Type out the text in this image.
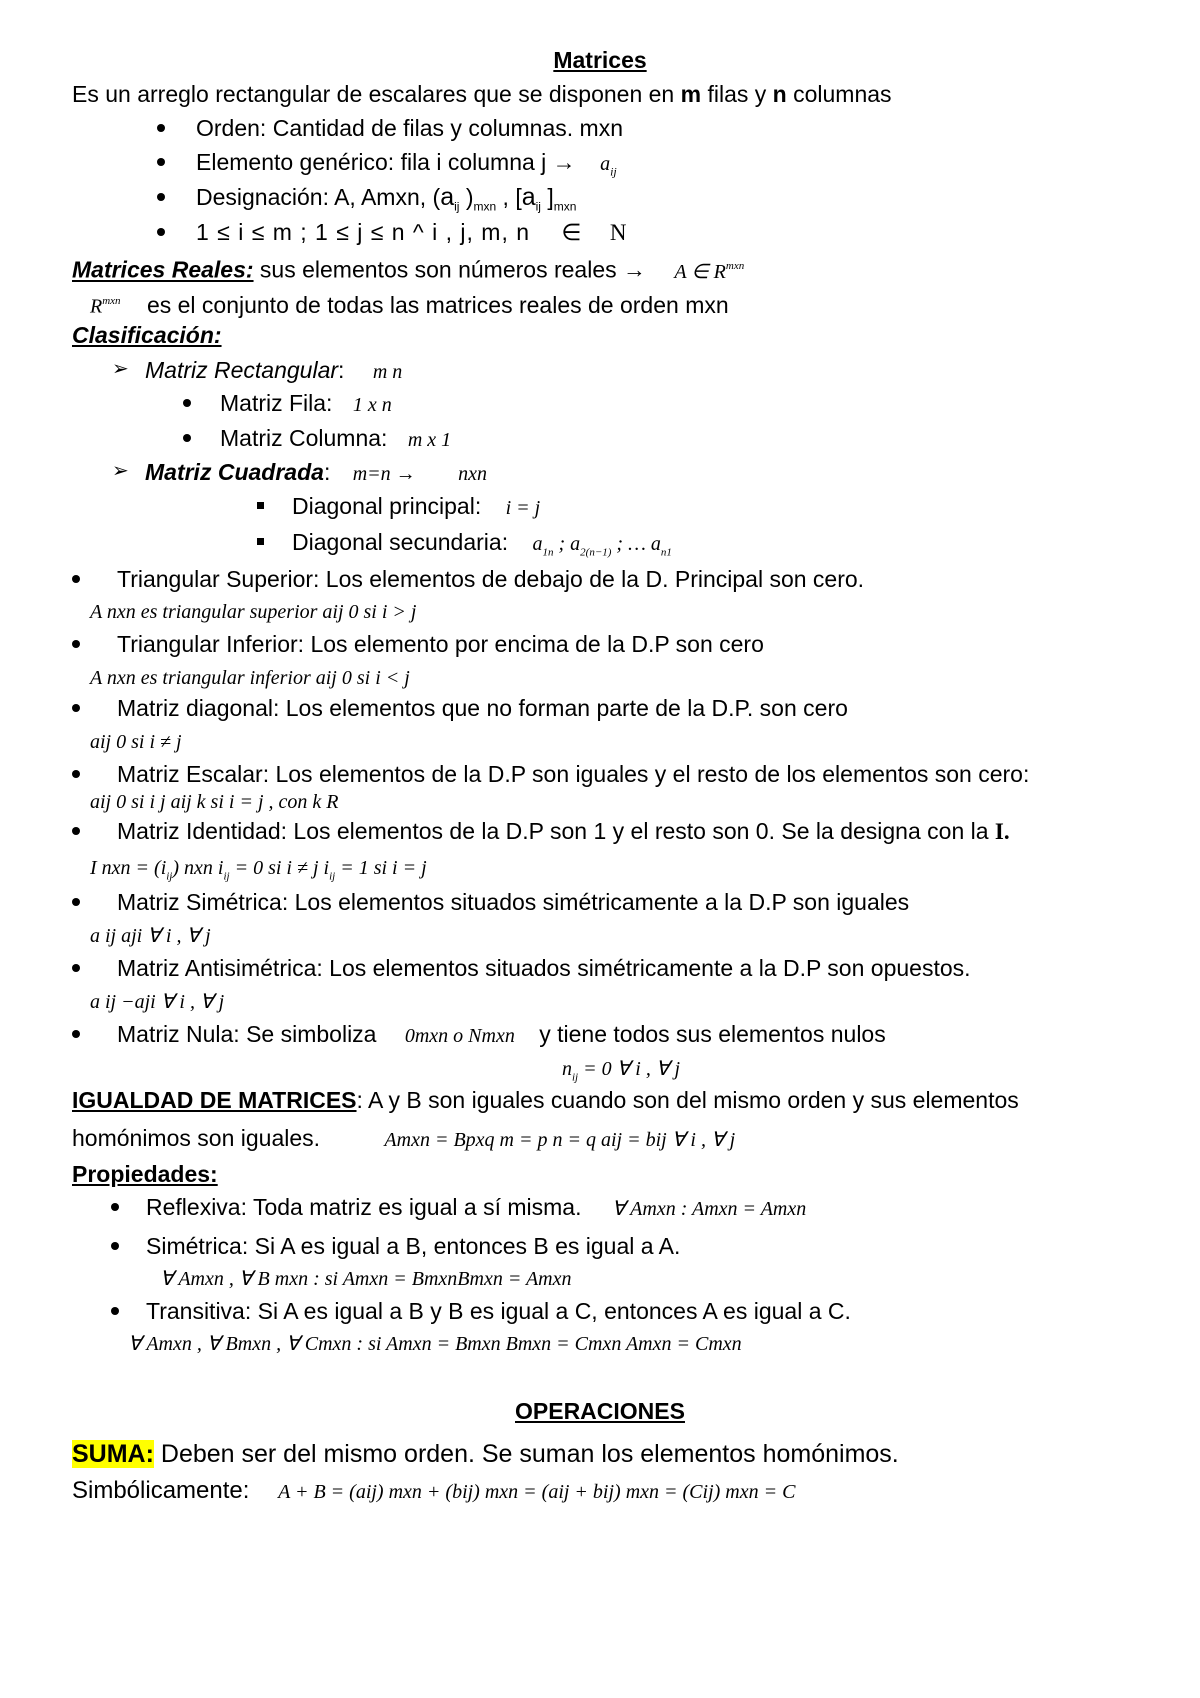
Matrices
Es un arreglo rectangular de escalares que se disponen en m filas y n columnas
Orden: Cantidad de filas y columnas. mxn
Elemento genérico: fila i columna $j \to a_{ij}$
Designación: A, Amxn, ($a_{ij}$ )$_{mxn}$ , [$a_{ij}$ ]$_{mxn}$
1 ≤ i ≤ m ; 1 ≤ j ≤ n ^ i , j, m, n ∈ N
Matrices Reales: sus elementos son números reales → A ∈ $R^{mxn}$
$R^{mxn}$ es el conjunto de todas las matrices reales de orden mxn
Clasificación:
➢ Matriz Rectangular: m n
Matriz Fila: 1 x n
Matriz Columna: m x 1
➢ Matriz Cuadrada: m=n → nxn
Diagonal principal: i = j
Diagonal secundaria: $a_{1n}$ ; $a_{2(n-1)}$ ; … $a_{n1}$
Triangular Superior: Los elementos de debajo de la D. Principal son cero.
A nxn es triangular superior aij 0 si i > j
Triangular Inferior: Los elemento por encima de la D.P son cero
A nxn es triangular inferior aij 0 si i < j
Matriz diagonal: Los elementos que no forman parte de la D.P. son cero
aij 0 si i ≠ j
Matriz Escalar: Los elementos de la D.P son iguales y el resto de los elementos son cero:
aij 0 si i j aij k si i = j , con k R
Matriz Identidad: Los elementos de la D.P son 1 y el resto son 0. Se la designa con la I.
I nxn = $(i_{ij})$ nxn $i_{ij} = 0$ si i ≠ j $i_{ij} = 1$ si i = j
Matriz Simétrica: Los elementos situados simétricamente a la D.P son iguales
a ij aji ∀ i , ∀ j
Matriz Antisimétrica: Los elementos situados simétricamente a la D.P son opuestos.
a ij −aji ∀ i , ∀ j
Matriz Nula: Se simboliza 0mxn o Nmxn y tiene todos sus elementos nulos
$n_{ij} = 0$ ∀ i , ∀ j
IGUALDAD DE MATRICES: A y B son iguales cuando son del mismo orden y sus elementos
homónimos son iguales.	Amxn = Bpxq m = p n = q aij = bij ∀ i , ∀ j
Propiedades:
Reflexiva: Toda matriz es igual a sí misma. ∀ Amxn : Amxn = Amxn
Simétrica: Si A es igual a B, entonces B es igual a A.
∀ Amxn , ∀ B mxn : si Amxn = BmxnBmxn = Amxn
Transitiva: Si A es igual a B y B es igual a C, entonces A es igual a C.
∀ Amxn , ∀ Bmxn , ∀ Cmxn : si Amxn = Bmxn Bmxn = Cmxn Amxn = Cmxn
OPERACIONES
SUMA: Deben ser del mismo orden. Se suman los elementos homónimos.
Simbólicamente: A + B = (aij) mxn + (bij) mxn = (aij + bij) mxn = (Cij) mxn = C
